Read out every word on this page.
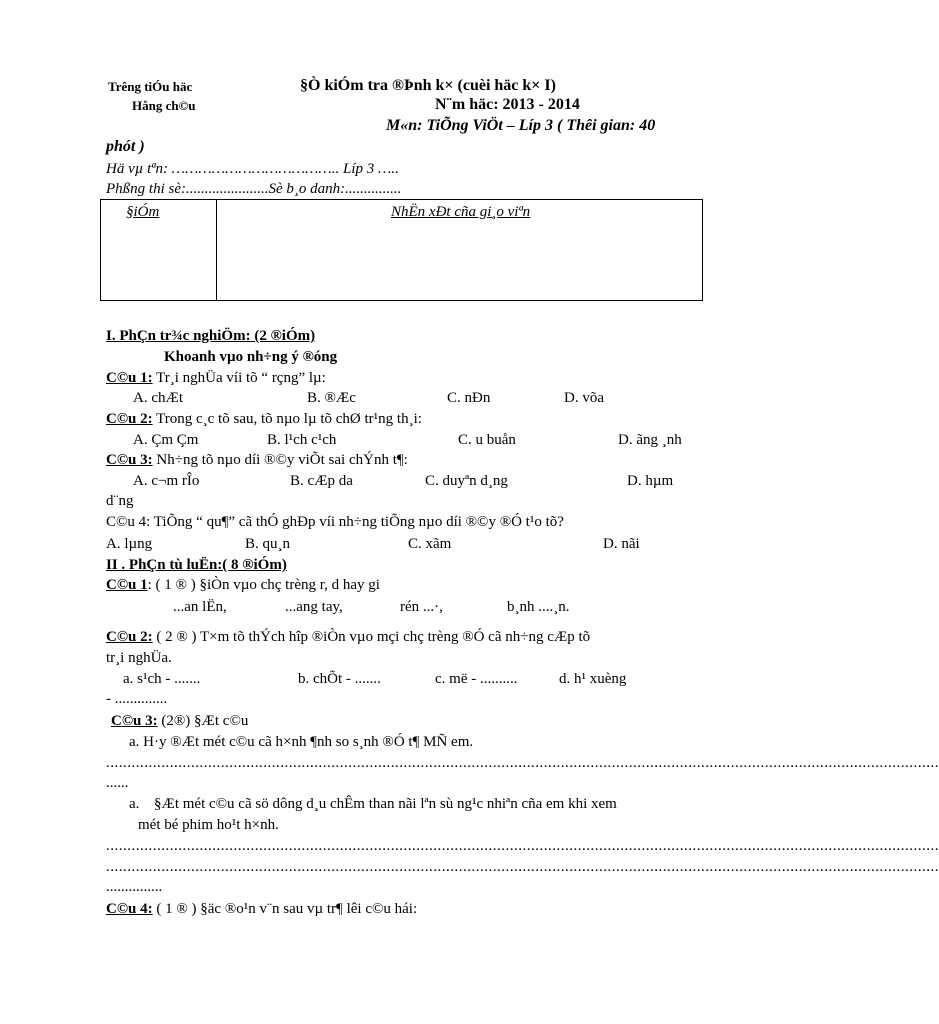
Trêng tiÓu häc
Hång ch©u
§Ò kiÓm tra ®Þnh k× (cuèi häc k× I)
N¨m häc: 2013 - 2014
M«n: TiÕng ViÖt – Líp 3 ( Thêi gian: 40
phót )
Hä vµ tªn: ……………………………….. Líp 3 …..
Phßng thi sè:......................Sè b¸o danh:...............
§iÓm	NhËn xÐt cña gi¸o viªn
I. PhÇn tr¾c nghiÖm: (2 ®iÓm)
Khoanh vµo nh÷ng ý ®óng
C©u 1: Tr¸i nghÜa víi tõ “ rçng” lµ:
A. chÆt	B. ®Æc	C. nÐn	D. võa
C©u 2: Trong c¸c tõ sau, tõ nµo lµ tõ chØ tr¹ng th¸i:
A. Çm Çm	B. l¹ch c¹ch	C. u buån	D. ãng ¸nh
C©u 3: Nh÷ng tõ nµo díi ®©y viÕt sai chÝnh t¶:
A. c¬m rÎo	B. cÆp da	C. duyªn d¸ng	D. hµm
d¨ng
C©u 4: TiÕng “ qu¶” cã thÓ ghÐp víi nh÷ng tiÕng nµo díi ®©y ®Ó t¹o tõ?
A. lµng	B. qu¸n	C. xãm	D. nãi
II . PhÇn tù luËn:( 8 ®iÓm)
C©u 1: ( 1 ® ) §iÒn vµo chç trèng r, d hay gi
...an lËn,	...ang tay,	rén ...·,	b¸nh ....¸n.
C©u 2: ( 2 ® ) T×m tõ thÝch hîp ®iÒn vµo mçi chç trèng ®Ó cã nh÷ng cÆp tõ
tr¸i nghÜa.
a. s¹ch - .......	b. chÕt - .......	c. më - ..........	d. h¹ xuèng
- ..............
C©u 3: (2®) §Æt c©u
a. H·y ®Æt mét c©u cã h×nh ¶nh so s¸nh ®Ó t¶ MÑ em.
....................................................................................................................................................................................................
......
a. §Æt mét c©u cã sö dông d¸u chÊm than nãi lªn sù ng¹c nhiªn cña em khi xem
mét bé phim ho¹t h×nh.
....................................................................................................................................................................................................
....................................................................................................................................................................................................
...............
C©u 4: ( 1 ® ) §äc ®o¹n v¨n sau vµ tr¶ lêi c©u hái:
